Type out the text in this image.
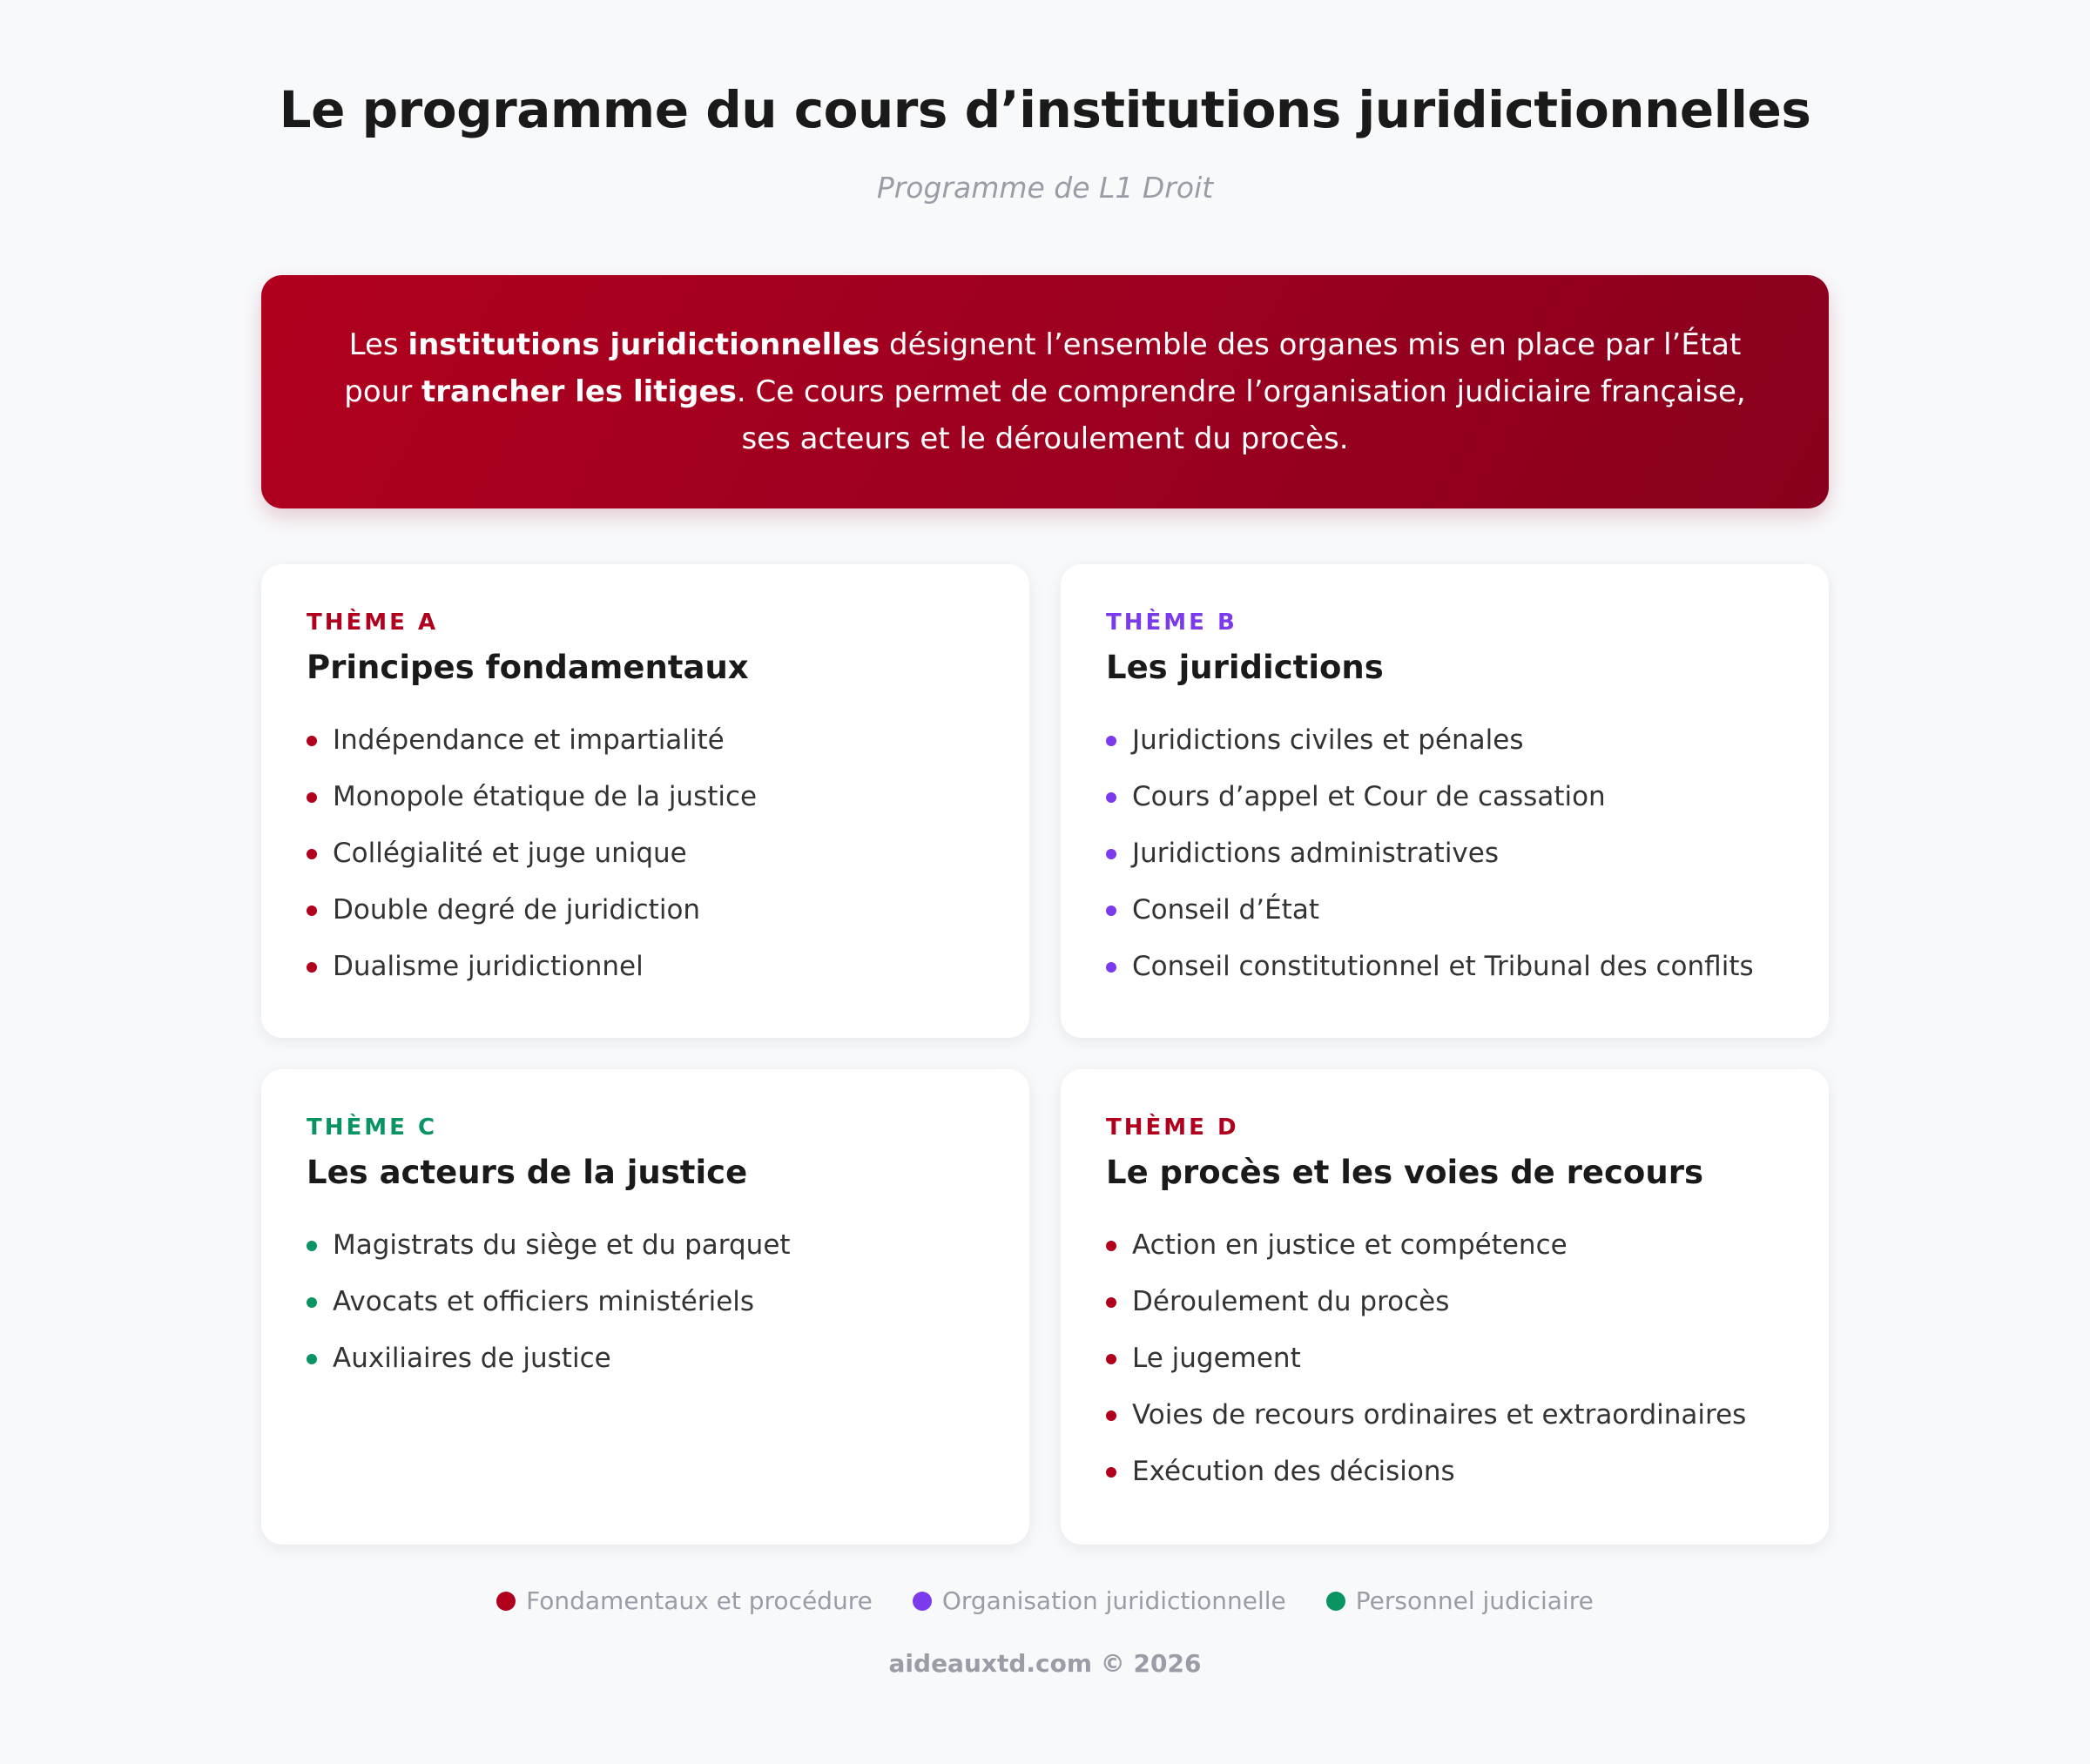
Le programme du cours d’institutions juridictionnelles
Programme de L1 Droit

Les institutions juridictionnelles désignent l’ensemble des organes mis en place par l’État pour trancher les litiges. Ce cours permet de comprendre l’organisation judiciaire française, ses acteurs et le déroulement du procès.

THÈME A
Principes fondamentaux
Indépendance et impartialité
Monopole étatique de la justice
Collégialité et juge unique
Double degré de juridiction
Dualisme juridictionnel
THÈME B
Les juridictions
Juridictions civiles et pénales
Cours d’appel et Cour de cassation
Juridictions administratives
Conseil d’État
Conseil constitutionnel et Tribunal des conflits
THÈME C
Les acteurs de la justice
Magistrats du siège et du parquet
Avocats et officiers ministériels
Auxiliaires de justice
THÈME D
Le procès et les voies de recours
Action en justice et compétence
Déroulement du procès
Le jugement
Voies de recours ordinaires et extraordinaires
Exécution des décisions
Fondamentaux et procédure	Organisation juridictionnelle	Personnel judiciaire
aideauxtd.com © 2026
